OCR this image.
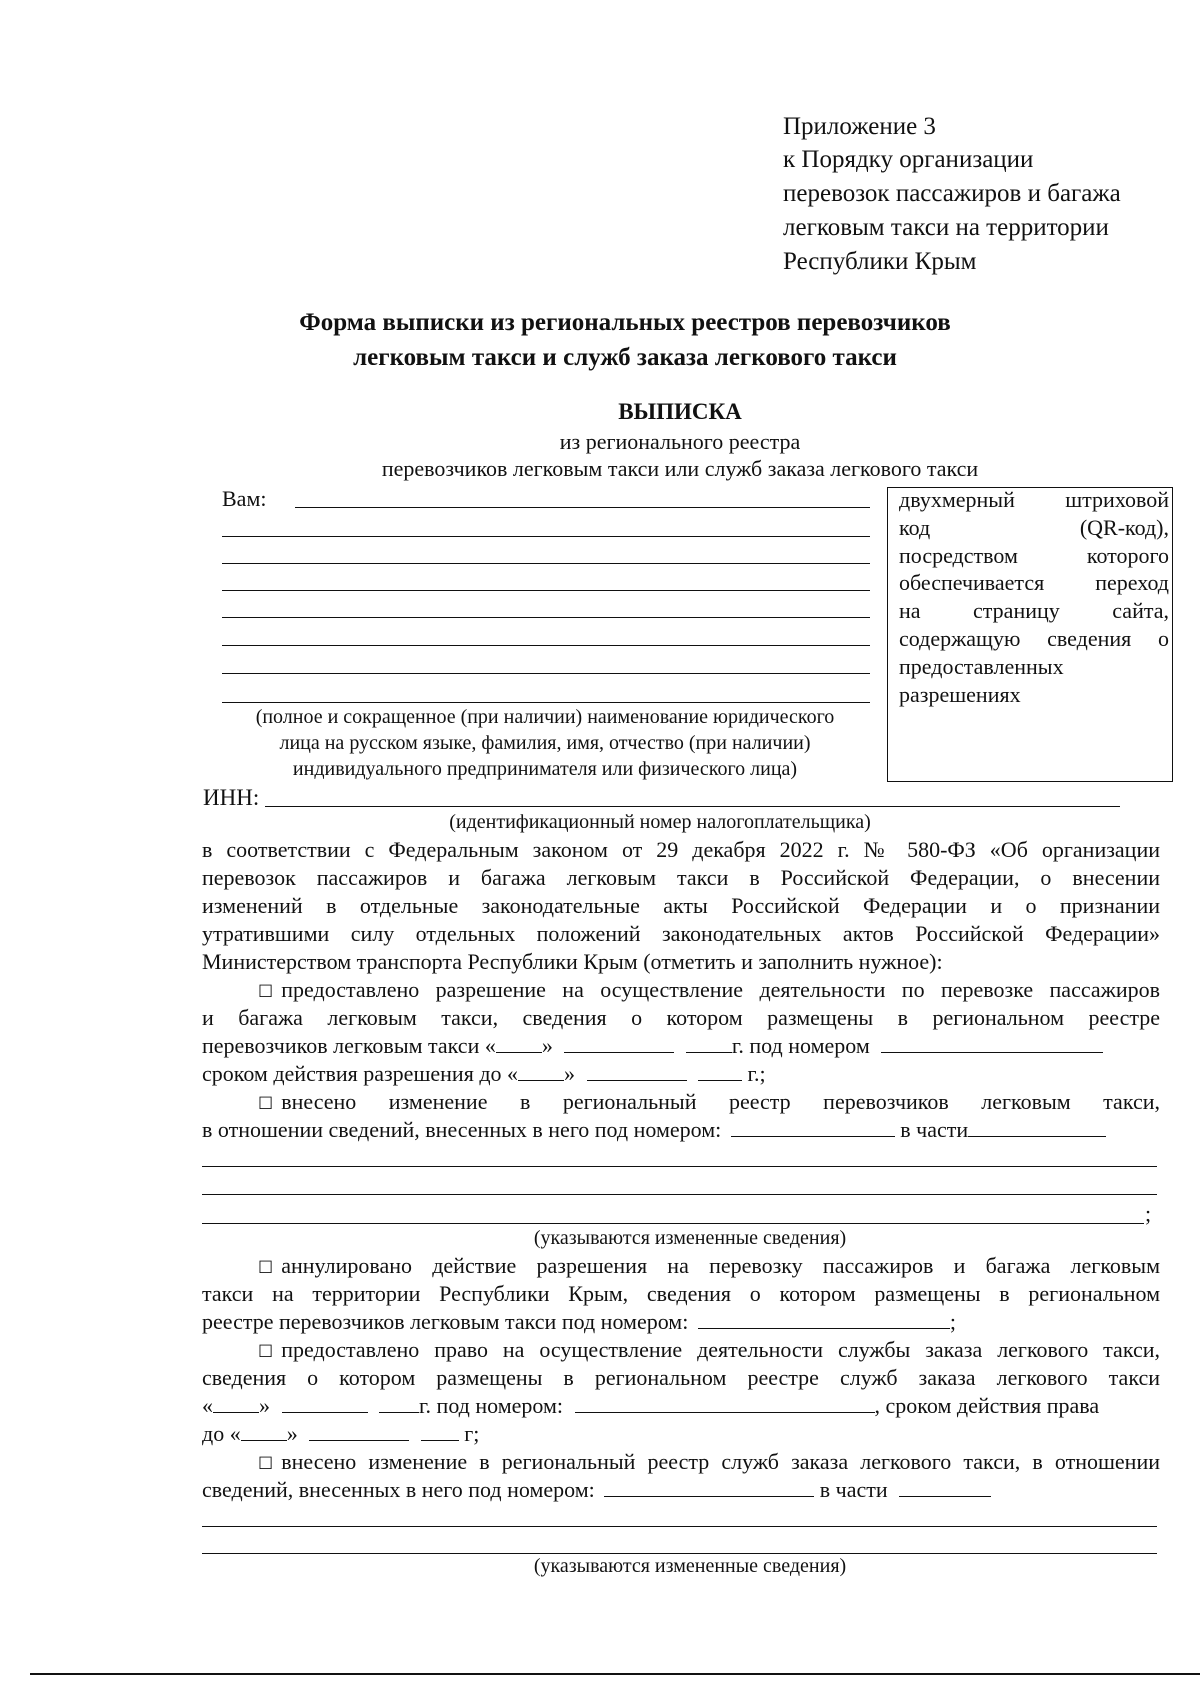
Приложение 3
к Порядку организации
перевозок пассажиров и багажа
легковым такси на территории
Республики Крым
Форма выписки из региональных реестров перевозчиков
легковым такси и служб заказа легкового такси
ВЫПИСКА
из регионального реестра
перевозчиков легковым такси или служб заказа легкового такси
Вам:
(полное и сокращенное (при наличии) наименование юридического
лица на русском языке, фамилия, имя, отчество (при наличии)
индивидуального предпринимателя или физического лица)
двухмерный штриховой
код (QR-код),
посредством которого
обеспечивается переход
на страницу сайта,
содержащую сведения о
предоставленных
разрешениях
ИНН:
(идентификационный номер налогоплательщика)
в соответствии с Федеральным законом от 29 декабря 2022 г. № 580-ФЗ «Об организации
перевозок пассажиров и багажа легковым такси в Российской Федерации, о внесении
изменений в отдельные законодательные акты Российской Федерации и о признании
утратившими силу отдельных положений законодательных актов Российской Федерации»
Министерством транспорта Республики Крым (отметить и заполнить нужное):
☐ предоставлено разрешение на осуществление деятельности по перевозке пассажиров
и багажа легковым такси, сведения о котором размещены в региональном реестре
перевозчиков легковым такси « »	г. под номером
сроком действия разрешения до « »	г.;
☐ внесено изменение в региональный реестр перевозчиков легковым такси,
в отношении сведений, внесенных в него под номером:	в части
;
(указываются измененные сведения)
☐ аннулировано действие разрешения на перевозку пассажиров и багажа легковым
такси на территории Республики Крым, сведения о котором размещены в региональном
реестре перевозчиков легковым такси под номером:	;
☐ предоставлено право на осуществление деятельности службы заказа легкового такси,
сведения о котором размещены в региональном реестре служб заказа легкового такси
« »	г. под номером:	, сроком действия права
до « »	г;
☐ внесено изменение в региональный реестр служб заказа легкового такси, в отношении
сведений, внесенных в него под номером:	в части
(указываются измененные сведения)
